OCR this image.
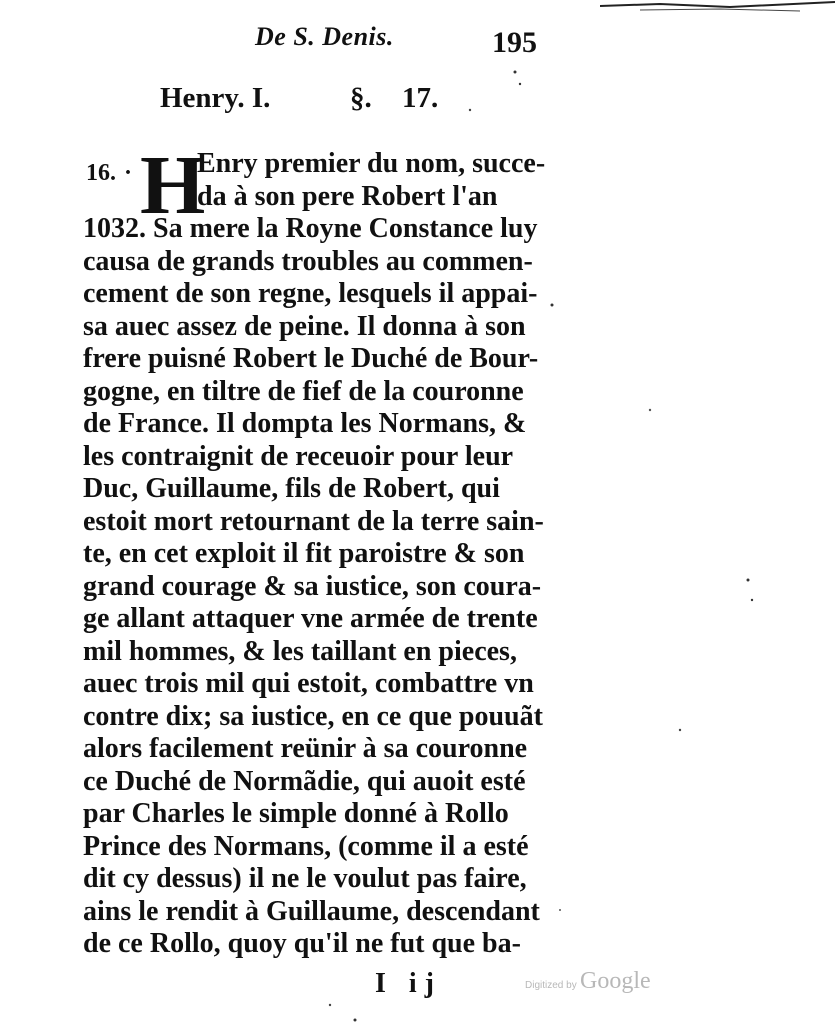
De S. Denis.	195
Henry. I.	§. 17.
16. · H
Enry premier du nom, succe-
da à son pere Robert l'an
1032. Sa mere la Royne Constance luy
causa de grands troubles au commen-
cement de son regne, lesquels il appai-
sa auec assez de peine. Il donna à son
frere puisné Robert le Duché de Bour-
gogne, en tiltre de fief de la couronne
de France. Il dompta les Normans, &
les contraignit de receuoir pour leur
Duc, Guillaume, fils de Robert, qui
estoit mort retournant de la terre sain-
te, en cet exploit il fit paroistre & son
grand courage & sa iustice, son coura-
ge allant attaquer vne armée de trente
mil hommes, & les taillant en pieces,
auec trois mil qui estoit, combattre vn
contre dix; sa iustice, en ce que pouuãt
alors facilement reünir à sa couronne
ce Duché de Normãdie, qui auoit esté
par Charles le simple donné à Rollo
Prince des Normans, (comme il a esté
dit cy dessus) il ne le voulut pas faire,
ains le rendit à Guillaume, descendant
de ce Rollo, quoy qu'il ne fut que ba-
I ij	Digitized by Google
